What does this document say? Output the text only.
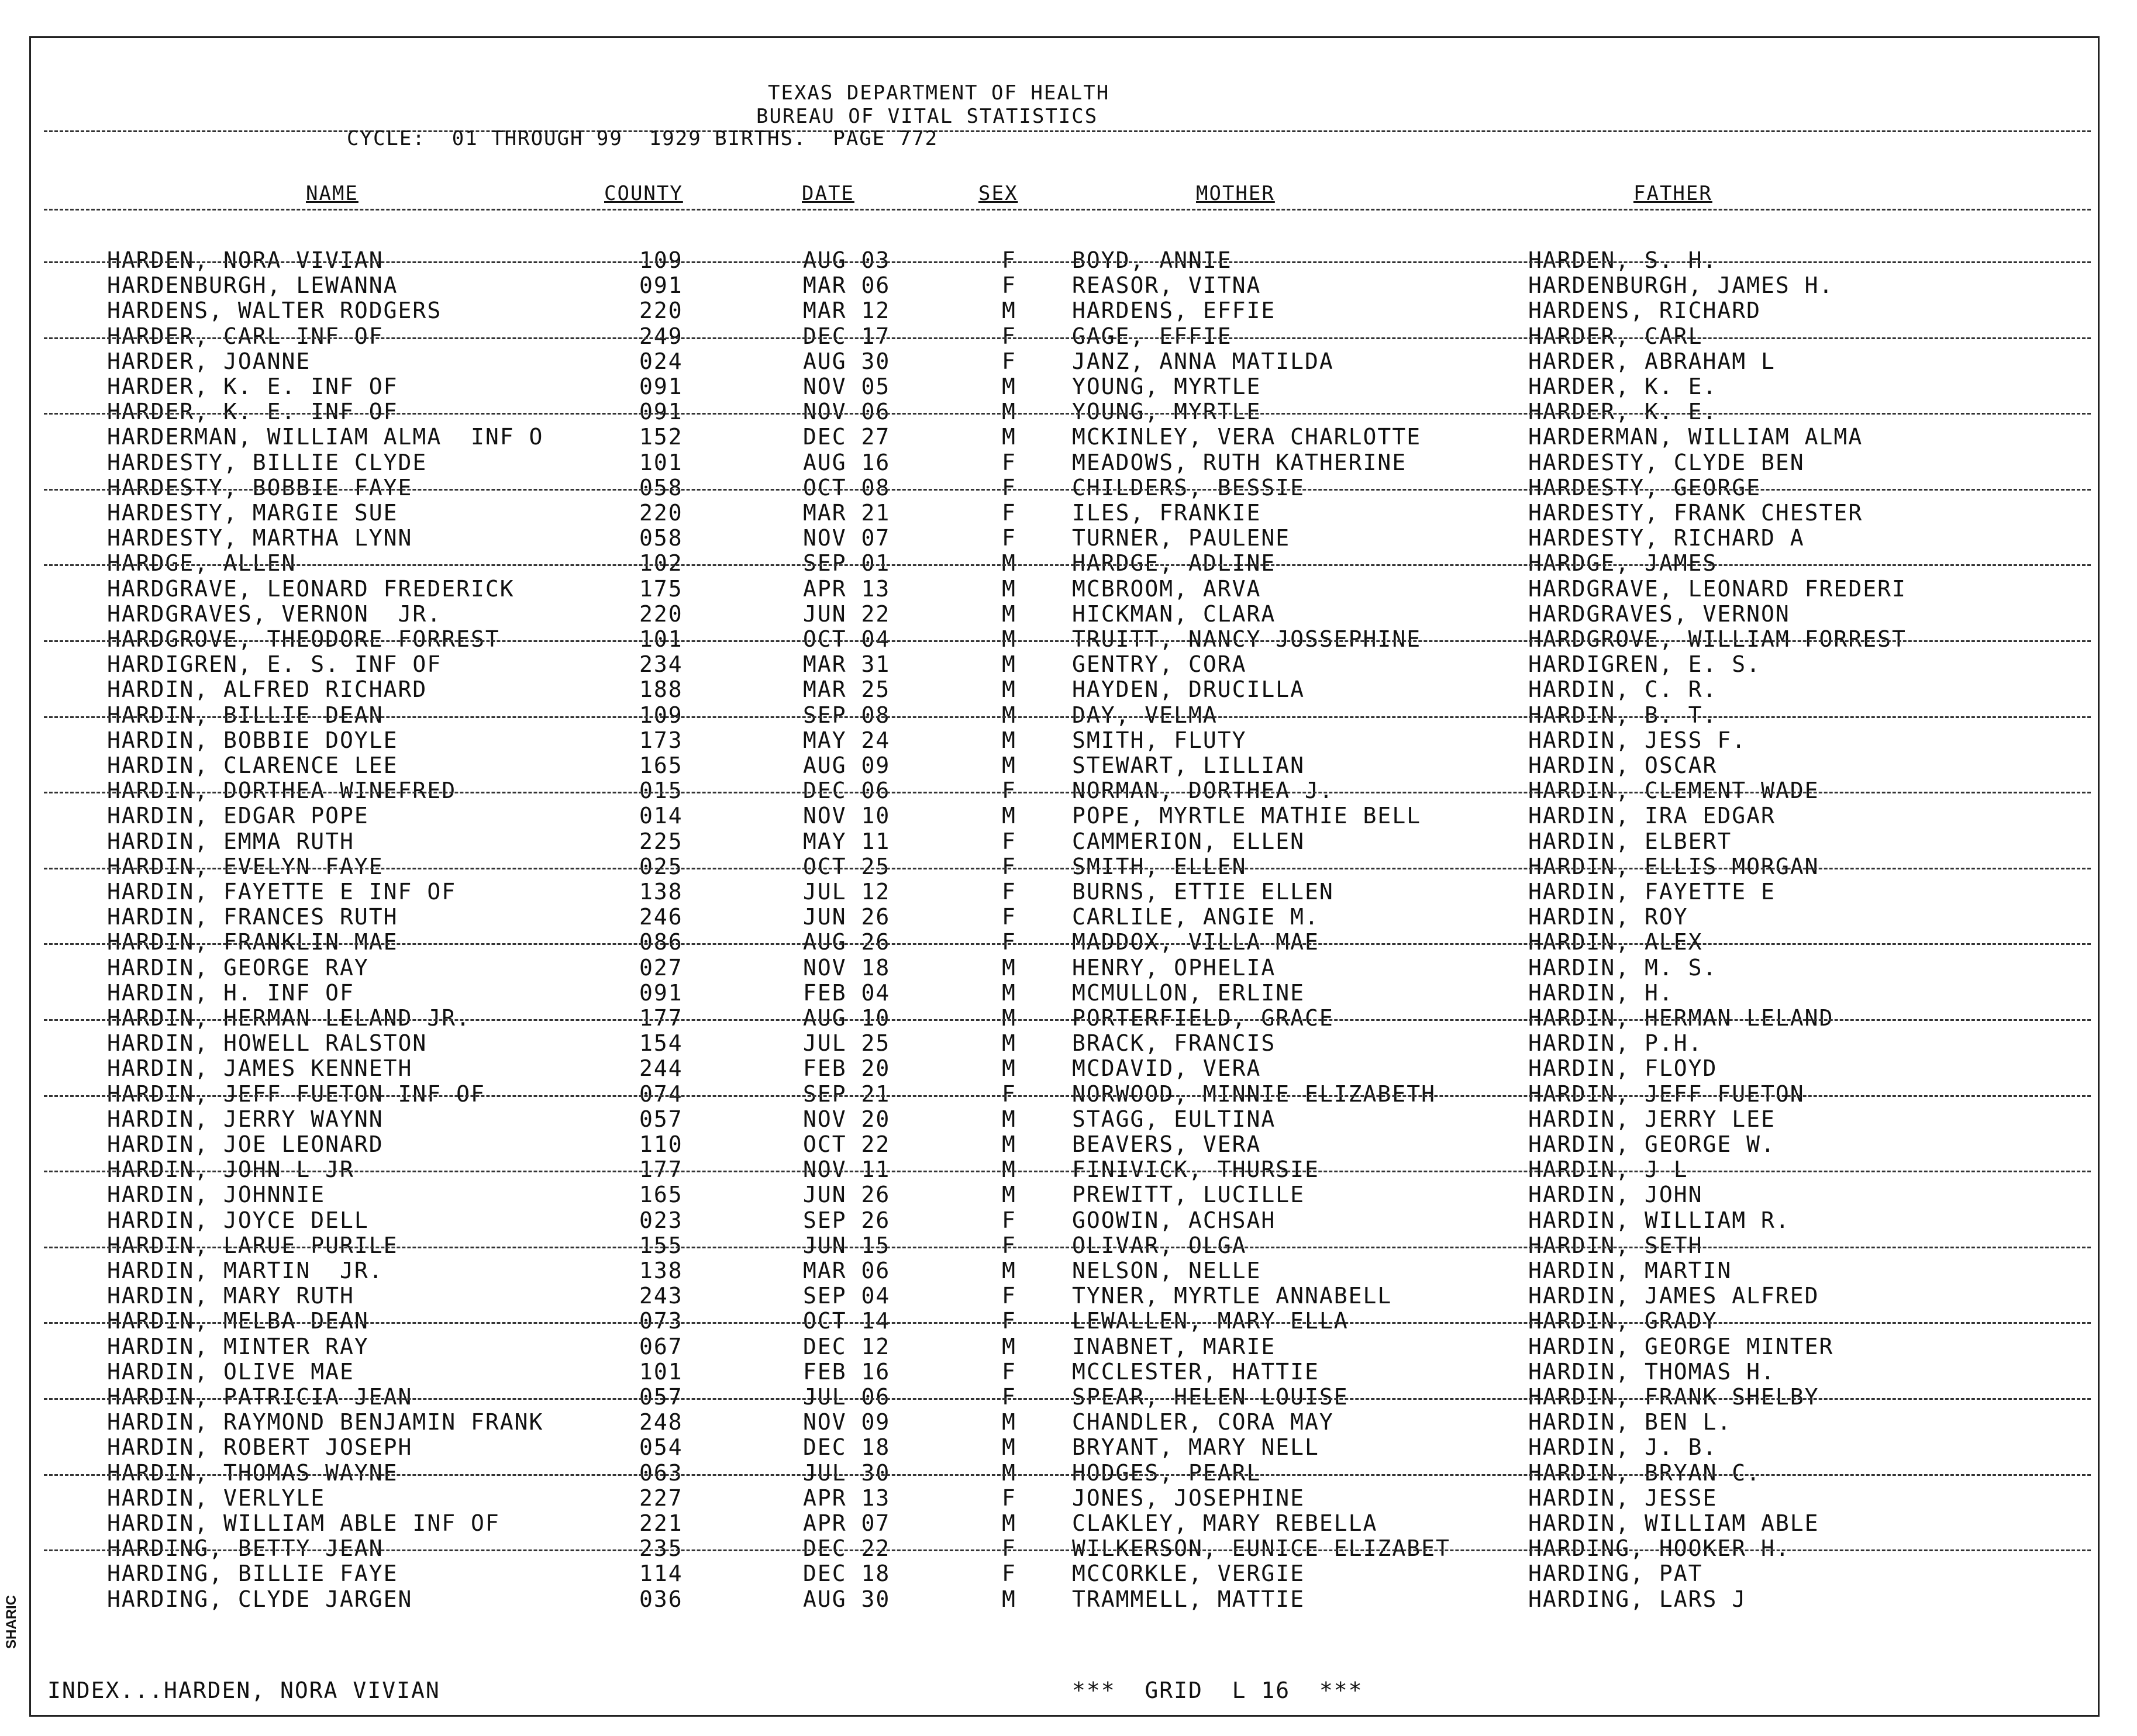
TEXAS DEPARTMENT OF HEALTH
BUREAU OF VITAL STATISTICS
CYCLE:  01 THROUGH 99  1929 BIRTHS.  PAGE 772
NAME	COUNTY	DATE	SEX	MOTHER	FATHER
HARDEN, NORA VIVIAN	109	AUG 03	F	BOYD, ANNIE	HARDEN, S. H.
HARDENBURGH, LEWANNA	091	MAR 06	F	REASOR, VITNA	HARDENBURGH, JAMES H.
HARDENS, WALTER RODGERS	220	MAR 12	M	HARDENS, EFFIE	HARDENS, RICHARD
HARDER, CARL INF OF	249	DEC 17	F	GAGE, EFFIE	HARDER, CARL
HARDER, JOANNE	024	AUG 30	F	JANZ, ANNA MATILDA	HARDER, ABRAHAM L
HARDER, K. E. INF OF	091	NOV 05	M	YOUNG, MYRTLE	HARDER, K. E.
HARDER, K. E. INF OF	091	NOV 06	M	YOUNG, MYRTLE	HARDER, K. E.
HARDERMAN, WILLIAM ALMA  INF O	152	DEC 27	M	MCKINLEY, VERA CHARLOTTE	HARDERMAN, WILLIAM ALMA
HARDESTY, BILLIE CLYDE	101	AUG 16	F	MEADOWS, RUTH KATHERINE	HARDESTY, CLYDE BEN
HARDESTY, BOBBIE FAYE	058	OCT 08	F	CHILDERS, BESSIE	HARDESTY, GEORGE
HARDESTY, MARGIE SUE	220	MAR 21	F	ILES, FRANKIE	HARDESTY, FRANK CHESTER
HARDESTY, MARTHA LYNN	058	NOV 07	F	TURNER, PAULENE	HARDESTY, RICHARD A
HARDGE, ALLEN	102	SEP 01	M	HARDGE, ADLINE	HARDGE, JAMES
HARDGRAVE, LEONARD FREDERICK	175	APR 13	M	MCBROOM, ARVA	HARDGRAVE, LEONARD FREDERI
HARDGRAVES, VERNON  JR.	220	JUN 22	M	HICKMAN, CLARA	HARDGRAVES, VERNON
HARDGROVE, THEODORE FORREST	101	OCT 04	M	TRUITT, NANCY JOSSEPHINE	HARDGROVE, WILLIAM FORREST
HARDIGREN, E. S. INF OF	234	MAR 31	M	GENTRY, CORA	HARDIGREN, E. S.
HARDIN, ALFRED RICHARD	188	MAR 25	M	HAYDEN, DRUCILLA	HARDIN, C. R.
HARDIN, BILLIE DEAN	109	SEP 08	M	DAY, VELMA	HARDIN, B. T.
HARDIN, BOBBIE DOYLE	173	MAY 24	M	SMITH, FLUTY	HARDIN, JESS F.
HARDIN, CLARENCE LEE	165	AUG 09	M	STEWART, LILLIAN	HARDIN, OSCAR
HARDIN, DORTHEA WINEFRED	015	DEC 06	F	NORMAN, DORTHEA J.	HARDIN, CLEMENT WADE
HARDIN, EDGAR POPE	014	NOV 10	M	POPE, MYRTLE MATHIE BELL	HARDIN, IRA EDGAR
HARDIN, EMMA RUTH	225	MAY 11	F	CAMMERION, ELLEN	HARDIN, ELBERT
HARDIN, EVELYN FAYE	025	OCT 25	F	SMITH, ELLEN	HARDIN, ELLIS MORGAN
HARDIN, FAYETTE E INF OF	138	JUL 12	F	BURNS, ETTIE ELLEN	HARDIN, FAYETTE E
HARDIN, FRANCES RUTH	246	JUN 26	F	CARLILE, ANGIE M.	HARDIN, ROY
HARDIN, FRANKLIN MAE	086	AUG 26	F	MADDOX, VILLA MAE	HARDIN, ALEX
HARDIN, GEORGE RAY	027	NOV 18	M	HENRY, OPHELIA	HARDIN, M. S.
HARDIN, H. INF OF	091	FEB 04	M	MCMULLON, ERLINE	HARDIN, H.
HARDIN, HERMAN LELAND JR.	177	AUG 10	M	PORTERFIELD, GRACE	HARDIN, HERMAN LELAND
HARDIN, HOWELL RALSTON	154	JUL 25	M	BRACK, FRANCIS	HARDIN, P.H.
HARDIN, JAMES KENNETH	244	FEB 20	M	MCDAVID, VERA	HARDIN, FLOYD
HARDIN, JEFF FUETON INF OF	074	SEP 21	F	NORWOOD, MINNIE ELIZABETH	HARDIN, JEFF FUETON
HARDIN, JERRY WAYNN	057	NOV 20	M	STAGG, EULTINA	HARDIN, JERRY LEE
HARDIN, JOE LEONARD	110	OCT 22	M	BEAVERS, VERA	HARDIN, GEORGE W.
HARDIN, JOHN L JR	177	NOV 11	M	FINIVICK, THURSIE	HARDIN, J L
HARDIN, JOHNNIE	165	JUN 26	M	PREWITT, LUCILLE	HARDIN, JOHN
HARDIN, JOYCE DELL	023	SEP 26	F	GOOWIN, ACHSAH	HARDIN, WILLIAM R.
HARDIN, LARUE PURILE	155	JUN 15	F	OLIVAR, OLGA	HARDIN, SETH
HARDIN, MARTIN  JR.	138	MAR 06	M	NELSON, NELLE	HARDIN, MARTIN
HARDIN, MARY RUTH	243	SEP 04	F	TYNER, MYRTLE ANNABELL	HARDIN, JAMES ALFRED
HARDIN, MELBA DEAN	073	OCT 14	F	LEWALLEN, MARY ELLA	HARDIN, GRADY
HARDIN, MINTER RAY	067	DEC 12	M	INABNET, MARIE	HARDIN, GEORGE MINTER
HARDIN, OLIVE MAE	101	FEB 16	F	MCCLESTER, HATTIE	HARDIN, THOMAS H.
HARDIN, PATRICIA JEAN	057	JUL 06	F	SPEAR, HELEN LOUISE	HARDIN, FRANK SHELBY
HARDIN, RAYMOND BENJAMIN FRANK	248	NOV 09	M	CHANDLER, CORA MAY	HARDIN, BEN L.
HARDIN, ROBERT JOSEPH	054	DEC 18	M	BRYANT, MARY NELL	HARDIN, J. B.
HARDIN, THOMAS WAYNE	063	JUL 30	M	HODGES, PEARL	HARDIN, BRYAN C.
HARDIN, VERLYLE	227	APR 13	F	JONES, JOSEPHINE	HARDIN, JESSE
HARDIN, WILLIAM ABLE INF OF	221	APR 07	M	CLAKLEY, MARY REBELLA	HARDIN, WILLIAM ABLE
HARDING, BETTY JEAN	235	DEC 22	F	WILKERSON, EUNICE ELIZABET	HARDING, HOOKER H.
HARDING, BILLIE FAYE	114	DEC 18	F	MCCORKLE, VERGIE	HARDING, PAT
HARDING, CLYDE JARGEN	036	AUG 30	M	TRAMMELL, MATTIE	HARDING, LARS J
INDEX...HARDEN, NORA VIVIAN	***  GRID  L 16  ***
SHARIC
